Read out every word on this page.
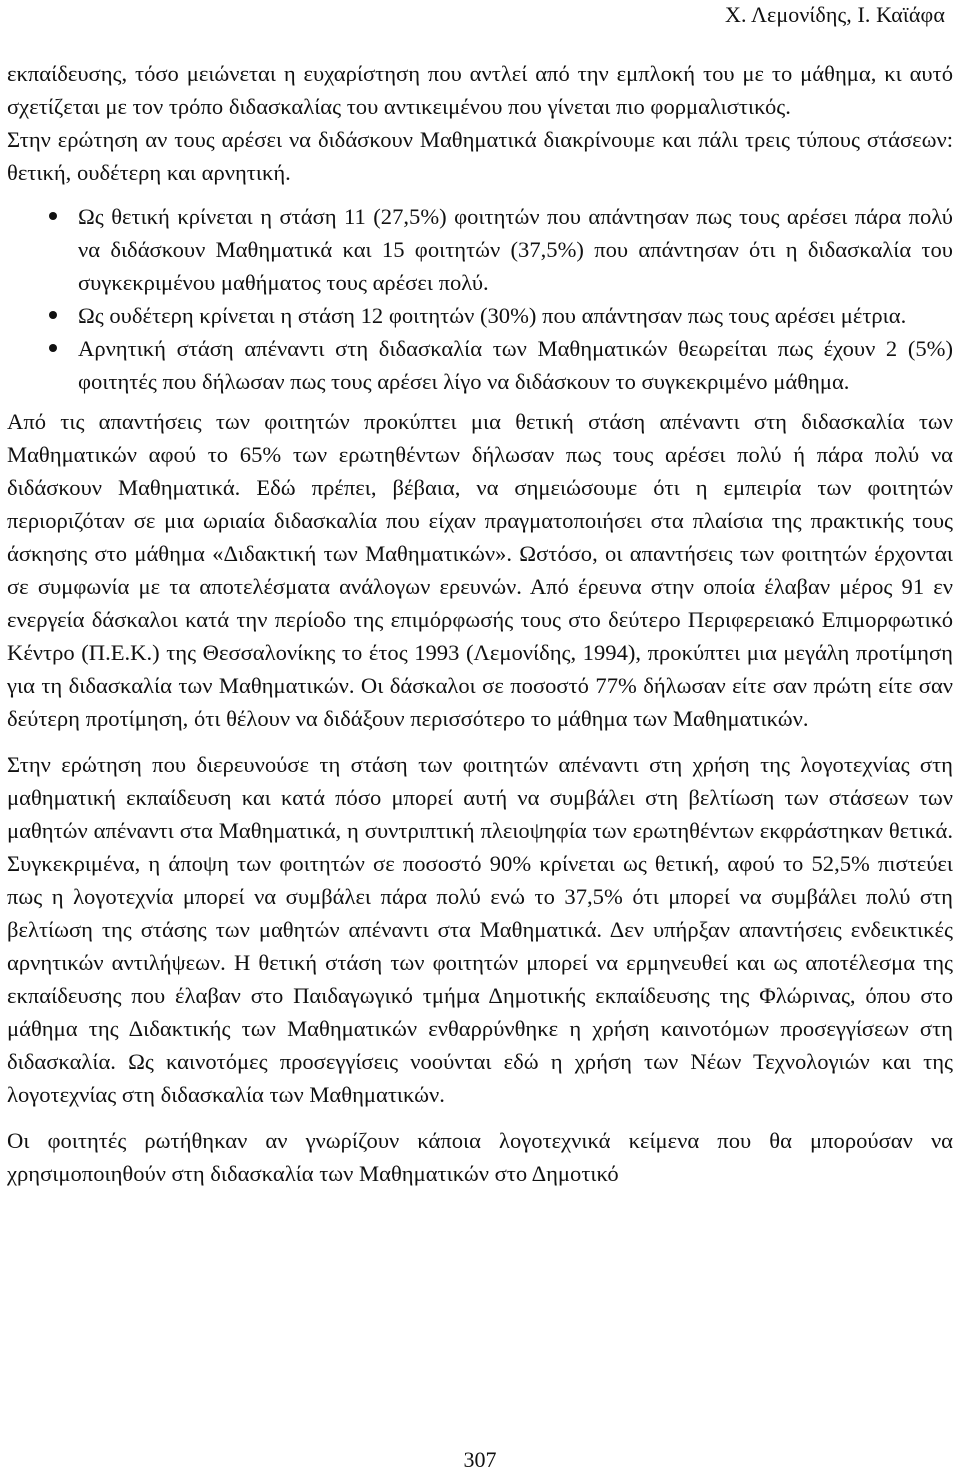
Χ. Λεμονίδης, Ι. Καϊάφα

εκπαίδευσης, τόσο μειώνεται η ευχαρίστηση που αντλεί από την εμπλοκή του με το μάθημα, κι αυτό σχετίζεται με τον τρόπο διδασκαλίας του αντικειμένου που γίνεται πιο φορμαλιστικός.

Στην ερώτηση αν τους αρέσει να διδάσκουν Μαθηματικά διακρίνουμε και πάλι τρεις τύπους στάσεων: θετική, ουδέτερη και αρνητική.

Ως θετική κρίνεται η στάση 11 (27,5%) φοιτητών που απάντησαν πως τους αρέσει πάρα πολύ να διδάσκουν Μαθηματικά και 15 φοιτητών (37,5%) που απάντησαν ότι η διδασκαλία του συγκεκριμένου μαθήματος τους αρέσει πολύ.
Ως ουδέτερη κρίνεται η στάση 12 φοιτητών (30%) που απάντησαν πως τους αρέσει μέτρια.
Αρνητική στάση απέναντι στη διδασκαλία των Μαθηματικών θεωρείται πως έχουν 2 (5%) φοιτητές που δήλωσαν πως τους αρέσει λίγο να διδάσκουν το συγκεκριμένο μάθημα.

Από τις απαντήσεις των φοιτητών προκύπτει μια θετική στάση απέναντι στη διδασκαλία των Μαθηματικών αφού το 65% των ερωτηθέντων δήλωσαν πως τους αρέσει πολύ ή πάρα πολύ να διδάσκουν Μαθηματικά. Εδώ πρέπει, βέβαια, να σημειώσουμε ότι η εμπειρία των φοιτητών περιοριζόταν σε μια ωριαία διδασκαλία που είχαν πραγματοποιήσει στα πλαίσια της πρακτικής τους άσκησης στο μάθημα «Διδακτική των Μαθηματικών». Ωστόσο, οι απαντήσεις των φοιτητών έρχονται σε συμφωνία με τα αποτελέσματα ανάλογων ερευνών. Από έρευνα στην οποία έλαβαν μέρος 91 εν ενεργεία δάσκαλοι κατά την περίοδο της επιμόρφωσής τους στο δεύτερο Περιφερειακό Επιμορφωτικό Κέντρο (Π.Ε.Κ.) της Θεσσαλονίκης το έτος 1993 (Λεμονίδης, 1994), προκύπτει μια μεγάλη προτίμηση για τη διδασκαλία των Μαθηματικών. Οι δάσκαλοι σε ποσοστό 77% δήλωσαν είτε σαν πρώτη είτε σαν δεύτερη προτίμηση, ότι θέλουν να διδάξουν περισσότερο το μάθημα των Μαθηματικών.

Στην ερώτηση που διερευνούσε τη στάση των φοιτητών απέναντι στη χρήση της λογοτεχνίας στη μαθηματική εκπαίδευση και κατά πόσο μπορεί αυτή να συμβάλει στη βελτίωση των στάσεων των μαθητών απέναντι στα Μαθηματικά, η συντριπτική πλειοψηφία των ερωτηθέντων εκφράστηκαν θετικά. Συγκεκριμένα, η άποψη των φοιτητών σε ποσοστό 90% κρίνεται ως θετική, αφού το 52,5% πιστεύει πως η λογοτεχνία μπορεί να συμβάλει πάρα πολύ ενώ το 37,5% ότι μπορεί να συμβάλει πολύ στη βελτίωση της στάσης των μαθητών απέναντι στα Μαθηματικά. Δεν υπήρξαν απαντήσεις ενδεικτικές αρνητικών αντιλήψεων. Η θετική στάση των φοιτητών μπορεί να ερμηνευθεί και ως αποτέλεσμα της εκπαίδευσης που έλαβαν στο Παιδαγωγικό τμήμα Δημοτικής εκπαίδευσης της Φλώρινας, όπου στο μάθημα της Διδακτικής των Μαθηματικών ενθαρρύνθηκε η χρήση καινοτόμων προσεγγίσεων στη διδασκαλία. Ως καινοτόμες προσεγγίσεις νοούνται εδώ η χρήση των Νέων Τεχνολογιών και της λογοτεχνίας στη διδασκαλία των Μαθηματικών.

Οι φοιτητές ρωτήθηκαν αν γνωρίζουν κάποια λογοτεχνικά κείμενα που θα μπορούσαν να χρησιμοποιηθούν στη διδασκαλία των Μαθηματικών στο Δημοτικό

307
